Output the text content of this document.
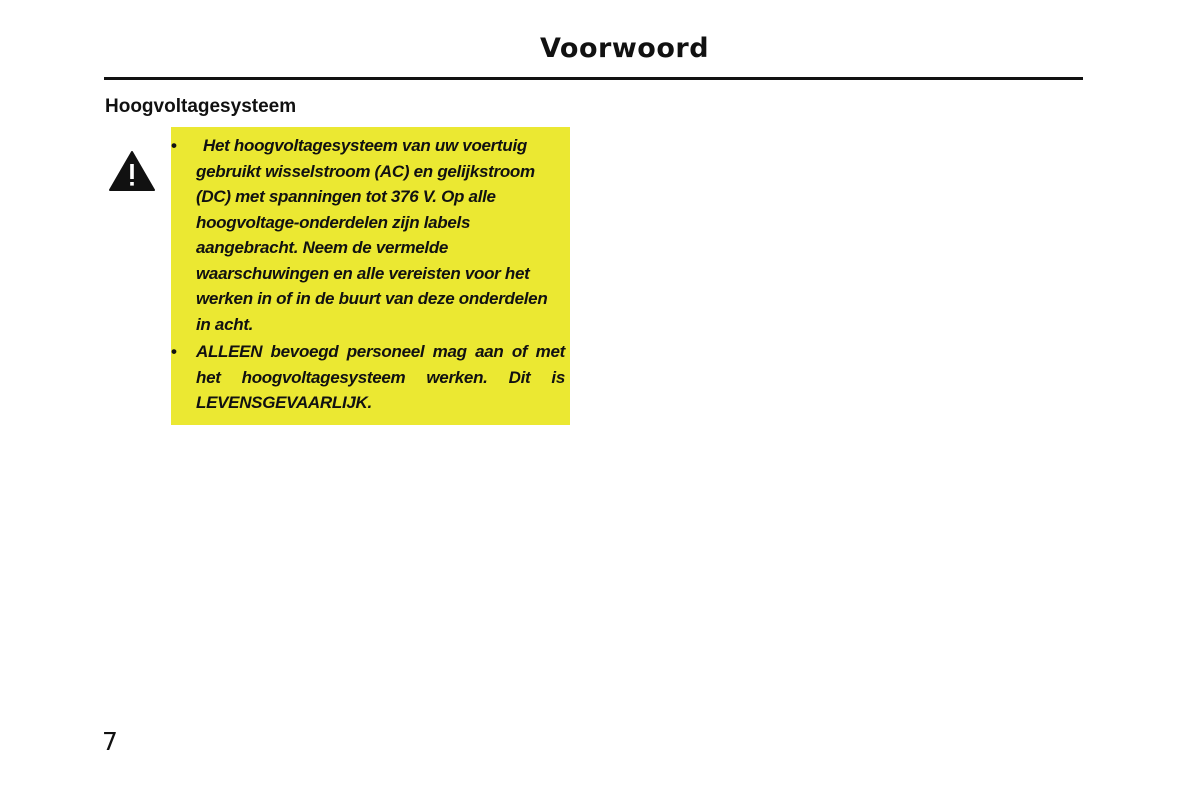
Voorwoord
Hoogvoltagesysteem
•	Het hoogvoltagesysteem van uw voertuig gebruikt wisselstroom (AC) en gelijkstroom (DC) met spanningen tot 376 V. Op alle hoogvoltage-onderdelen zijn labels aangebracht. Neem de vermelde waarschuwingen en alle vereisten voor het werken in of in de buurt van deze onderdelen in acht.
• ALLEEN bevoegd personeel mag aan of met het hoogvoltagesysteem werken. Dit is LEVENSGEVAARLIJK.
7
